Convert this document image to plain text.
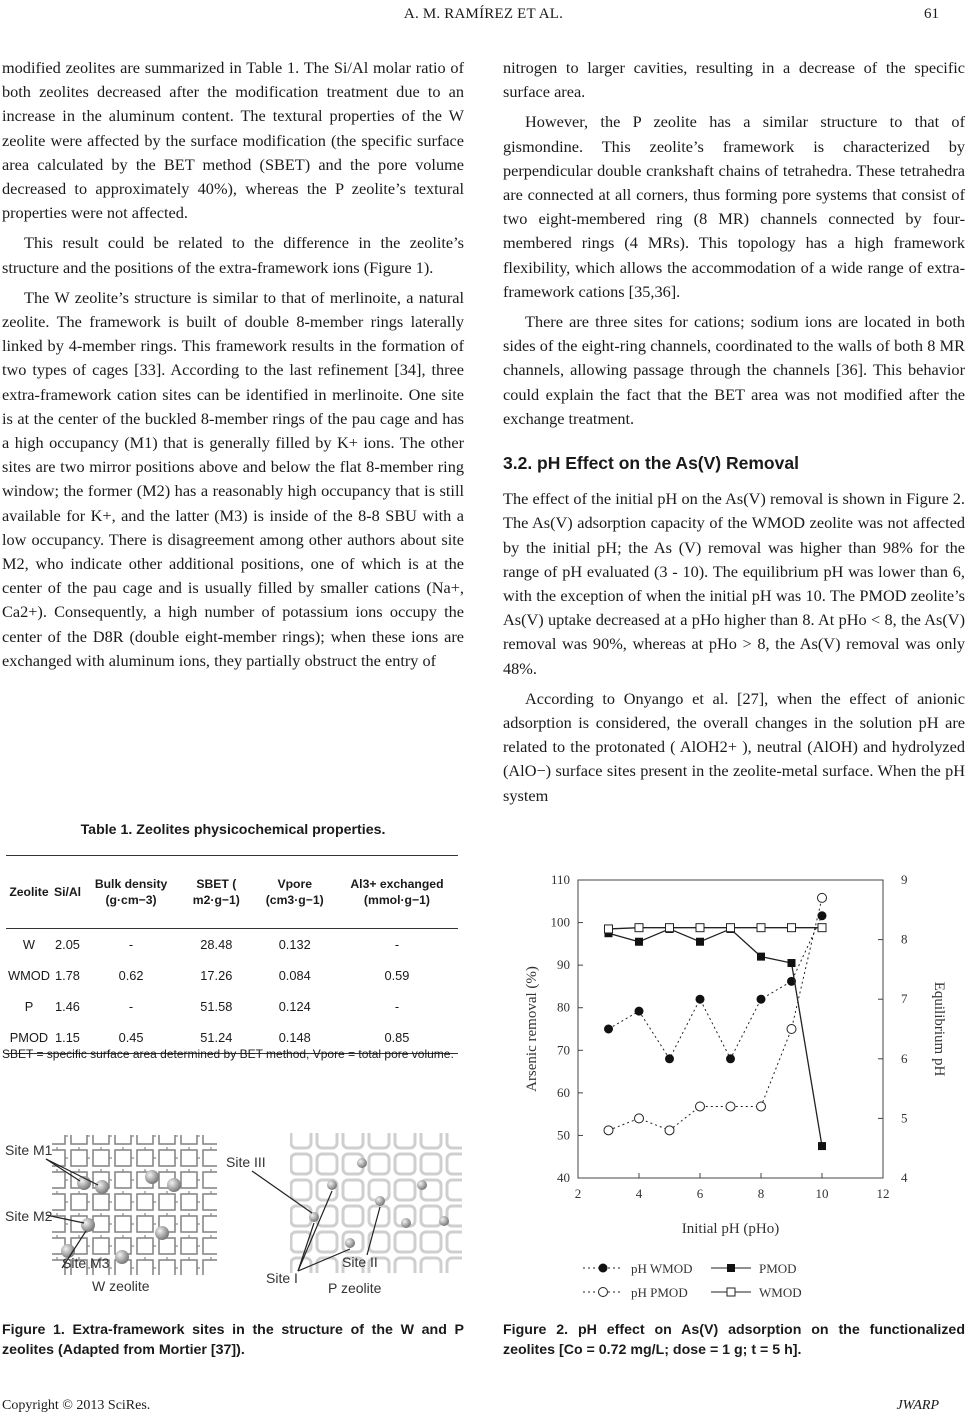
A. M. RAMÍREZ ET AL.	61

modified zeolites are summarized in Table 1. The Si/Al molar ratio of both zeolites decreased after the modification treatment due to an increase in the aluminum content. The textural properties of the W zeolite were affected by the surface modification (the specific surface area calculated by the BET method (SBET) and the pore volume decreased to approximately 40%), whereas the P zeolite’s textural properties were not affected.

This result could be related to the difference in the zeolite’s structure and the positions of the extra-framework ions (Figure 1).

The W zeolite’s structure is similar to that of merlinoite, a natural zeolite. The framework is built of double 8-member rings laterally linked by 4-member rings. This framework results in the formation of two types of cages [33]. According to the last refinement [34], three extra-framework cation sites can be identified in merlinoite. One site is at the center of the buckled 8-member rings of the pau cage and has a high occupancy (M1) that is generally filled by K+ ions. The other sites are two mirror positions above and below the flat 8-member ring window; the former (M2) has a reasonably high occupancy that is still available for K+, and the latter (M3) is inside of the 8-8 SBU with a low occupancy. There is disagreement among other authors about site M2, who indicate other additional positions, one of which is at the center of the pau cage and is usually filled by smaller cations (Na+, Ca2+). Consequently, a high number of potassium ions occupy the center of the D8R (double eight-member rings); when these ions are exchanged with aluminum ions, they partially obstruct the entry of

Table 1. Zeolites physicochemical properties.
Zeolite	Si/Al	Bulk density (g·cm−3)	SBET ( m2·g−1)	Vpore (cm3·g−1)	Al3+ exchanged (mmol·g−1)
W	2.05	-	28.48	0.132	-
WMOD	1.78	0.62	17.26	0.084	0.59
P	1.46	-	51.58	0.124	-
PMOD	1.15	0.45	51.24	0.148	0.85
SBET = specific surface area determined by BET method, Vpore = total pore volume.
Site M1
Site M2
Site M3
W zeolite
Site III
Site II
Site I
P zeolite
Figure 1. Extra-framework sites in the structure of the W and P zeolites (Adapted from Mortier [37]).

nitrogen to larger cavities, resulting in a decrease of the specific surface area.

However, the P zeolite has a similar structure to that of gismondine. This zeolite’s framework is characterized by perpendicular double crankshaft chains of tetrahedra. These tetrahedra are connected at all corners, thus forming pore systems that consist of two eight-membered ring (8 MR) channels connected by four-membered rings (4 MRs). This topology has a high framework flexibility, which allows the accommodation of a wide range of extra-framework cations [35,36].

There are three sites for cations; sodium ions are located in both sides of the eight-ring channels, coordinated to the walls of both 8 MR channels, allowing passage through the channels [36]. This behavior could explain the fact that the BET area was not modified after the exchange treatment.

3.2. pH Effect on the As(V) Removal

The effect of the initial pH on the As(V) removal is shown in Figure 2. The As(V) adsorption capacity of the WMOD zeolite was not affected by the initial pH; the As (V) removal was higher than 98% for the range of pH evaluated (3 - 10). The equilibrium pH was lower than 6, with the exception of when the initial pH was 10. The PMOD zeolite’s As(V) uptake decreased at a pHo higher than 8. At pHo < 8, the As(V) removal was 90%, whereas at pHo > 8, the As(V) removal was only 48%.

According to Onyango et al. [27], when the effect of anionic adsorption is considered, the overall changes in the solution pH are related to the protonated ( AlOH2+ ), neutral (AlOH) and hydrolyzed (AlO−) surface sites present in the zeolite-metal surface. When the pH system

2	4	6	8	10	12
40
50
60
70
80
90
100
110
4
5
6
7
8
9
Initial pH (pHo)
Arsenic removal (%)	Equilibrium pH
pH WMOD	PMOD
pH PMOD	WMOD
Figure 2. pH effect on As(V) adsorption on the functionalized zeolites [Co = 0.72 mg/L; dose = 1 g; t = 5 h].
Copyright © 2013 SciRes.	JWARP
